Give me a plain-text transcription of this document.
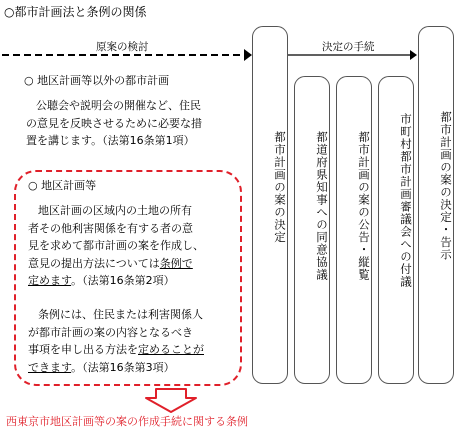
○都市計画法と条例の関係
原案の検討	決定の手続
○ 地区計画等以外の都市計画
公聴会や説明会の開催など、住民
の意見を反映させるために必要な措
置を講じます。（法第16条第1項）
○ 地区計画等
地区計画の区域内の土地の所有
者その他利害関係を有する者の意
見を求めて都市計画の案を作成し、
意見の提出方法については条例で
定めます。（法第16条第2項）
条例には、住民または利害関係人
が都市計画の案の内容となるべき
事項を申し出る方法を定めることが
できます。（法第16条第3項）
都市計画の案の決定	都道府県知事への同意協議	都市計画の案の公告・縦覧	市町村都市計画審議会への付議	都市計画の案の決定・告示
西東京市地区計画等の案の作成手続に関する条例
